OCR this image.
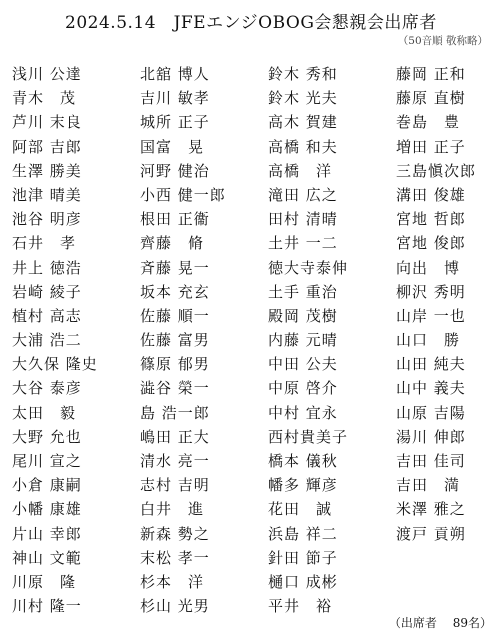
2024.5.14　JFEエンジOBOG会懇親会出席者
（50音順 敬称略）
浅川 公達
青木　茂
芦川 末良
阿部 吉郎
生澤 勝美
池津 晴美
池谷 明彦
石井　孝
井上 徳浩
岩崎 綾子
植村 高志
大浦 浩二
大久保 隆史
大谷 泰彦
太田　毅
大野 允也
尾川 宣之
小倉 康嗣
小幡 康雄
片山 幸郎
神山 文範
川原　隆
川村 隆一
北舘 博人
吉川 敏孝
城所 正子
国富　晃
河野 健治
小西 健一郎
根田 正衞
齊藤　脩
斉藤 晃一
坂本 充玄
佐藤 順一
佐藤 富男
篠原 郁男
澁谷 榮一
島 浩一郎
嶋田 正大
清水 亮一
志村 吉明
白井　進
新森 勢之
末松 孝一
杉本　洋
杉山 光男
鈴木 秀和
鈴木 光夫
高木 賀建
高橋 和夫
高橋　洋
滝田 広之
田村 清晴
土井 一二
徳大寺泰伸
土手 重治
殿岡 茂樹
内藤 元晴
中田 公夫
中原 啓介
中村 宜永
西村貴美子
橋本 儀秋
幡多 輝彦
花田　誠
浜島 祥二
針田 節子
樋口 成彬
平井　裕
藤岡 正和
藤原 直樹
巻島　豊
増田 正子
三島愼次郎
溝田 俊雄
宮地 哲郎
宮地 俊郎
向出　博
柳沢 秀明
山岸 一也
山口　勝
山田 純夫
山中 義夫
山原 吉陽
湯川 伸郎
吉田 佳司
吉田　満
米澤 雅之
渡戸 貢朔
（出席者　 89名）
